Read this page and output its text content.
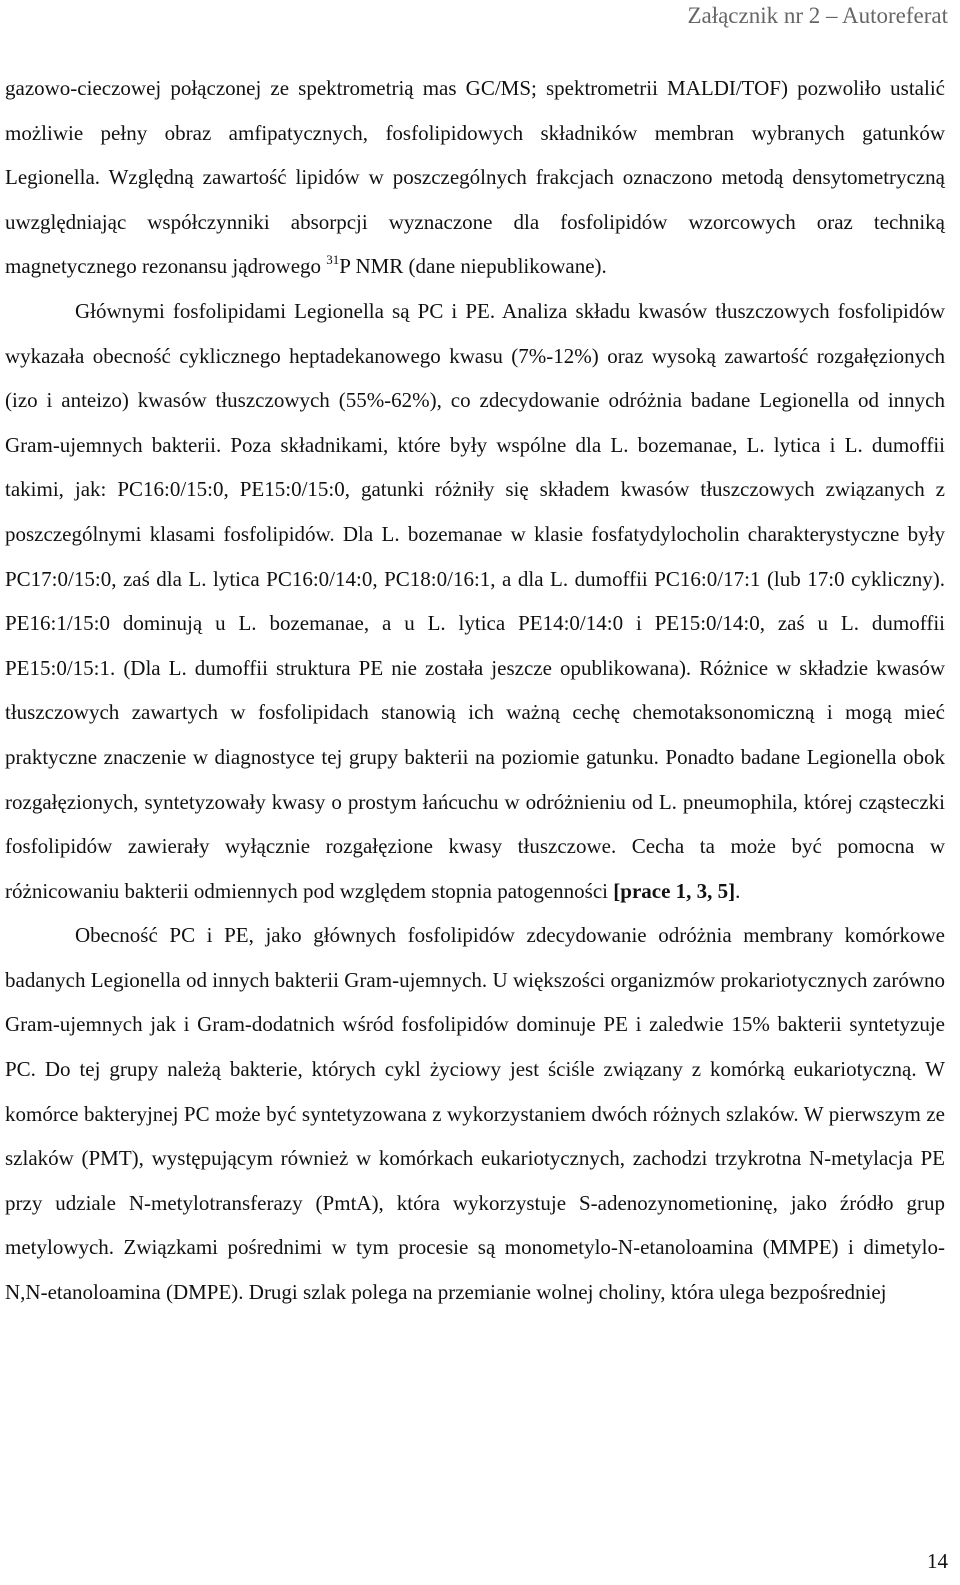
Załącznik nr 2 – Autoreferat

gazowo-cieczowej połączonej ze spektrometrią mas GC/MS; spektrometrii MALDI/TOF) pozwoliło ustalić możliwie pełny obraz amfipatycznych, fosfolipidowych składników membran wybranych gatunków Legionella. Względną zawartość lipidów w poszczególnych frakcjach oznaczono metodą densytometryczną uwzględniając współczynniki absorpcji wyznaczone dla fosfolipidów wzorcowych oraz techniką magnetycznego rezonansu jądrowego $^{31}$P NMR (dane niepublikowane).

Głównymi fosfolipidami Legionella są PC i PE. Analiza składu kwasów tłuszczowych fosfolipidów wykazała obecność cyklicznego heptadekanowego kwasu (7%-12%) oraz wysoką zawartość rozgałęzionych (izo i anteizo) kwasów tłuszczowych (55%-62%), co zdecydowanie odróżnia badane Legionella od innych Gram-ujemnych bakterii. Poza składnikami, które były wspólne dla L. bozemanae, L. lytica i L. dumoffii takimi, jak: PC16:0/15:0, PE15:0/15:0, gatunki różniły się składem kwasów tłuszczowych związanych z poszczególnymi klasami fosfolipidów. Dla L. bozemanae w klasie fosfatydylocholin charakterystyczne były PC17:0/15:0, zaś dla L. lytica PC16:0/14:0, PC18:0/16:1, a dla L. dumoffii PC16:0/17:1 (lub 17:0 cykliczny). PE16:1/15:0 dominują u L. bozemanae, a u L. lytica PE14:0/14:0 i PE15:0/14:0, zaś u L. dumoffii PE15:0/15:1. (Dla L. dumoffii struktura PE nie została jeszcze opublikowana). Różnice w składzie kwasów tłuszczowych zawartych w fosfolipidach stanowią ich ważną cechę chemotaksonomiczną i mogą mieć praktyczne znaczenie w diagnostyce tej grupy bakterii na poziomie gatunku. Ponadto badane Legionella obok rozgałęzionych, syntetyzowały kwasy o prostym łańcuchu w odróżnieniu od L. pneumophila, której cząsteczki fosfolipidów zawierały wyłącznie rozgałęzione kwasy tłuszczowe. Cecha ta może być pomocna w różnicowaniu bakterii odmiennych pod względem stopnia patogenności [prace 1, 3, 5].

Obecność PC i PE, jako głównych fosfolipidów zdecydowanie odróżnia membrany komórkowe badanych Legionella od innych bakterii Gram-ujemnych. U większości organizmów prokariotycznych zarówno Gram-ujemnych jak i Gram-dodatnich wśród fosfolipidów dominuje PE i zaledwie 15% bakterii syntetyzuje PC. Do tej grupy należą bakterie, których cykl życiowy jest ściśle związany z komórką eukariotyczną. W komórce bakteryjnej PC może być syntetyzowana z wykorzystaniem dwóch różnych szlaków. W pierwszym ze szlaków (PMT), występującym również w komórkach eukariotycznych, zachodzi trzykrotna N-metylacja PE przy udziale N-metylotransferazy (PmtA), która wykorzystuje S-adenozynometioninę, jako źródło grup metylowych. Związkami pośrednimi w tym procesie są monometylo-N-etanoloamina (MMPE) i dimetylo-N,N-etanoloamina (DMPE). Drugi szlak polega na przemianie wolnej choliny, która ulega bezpośredniej

14
